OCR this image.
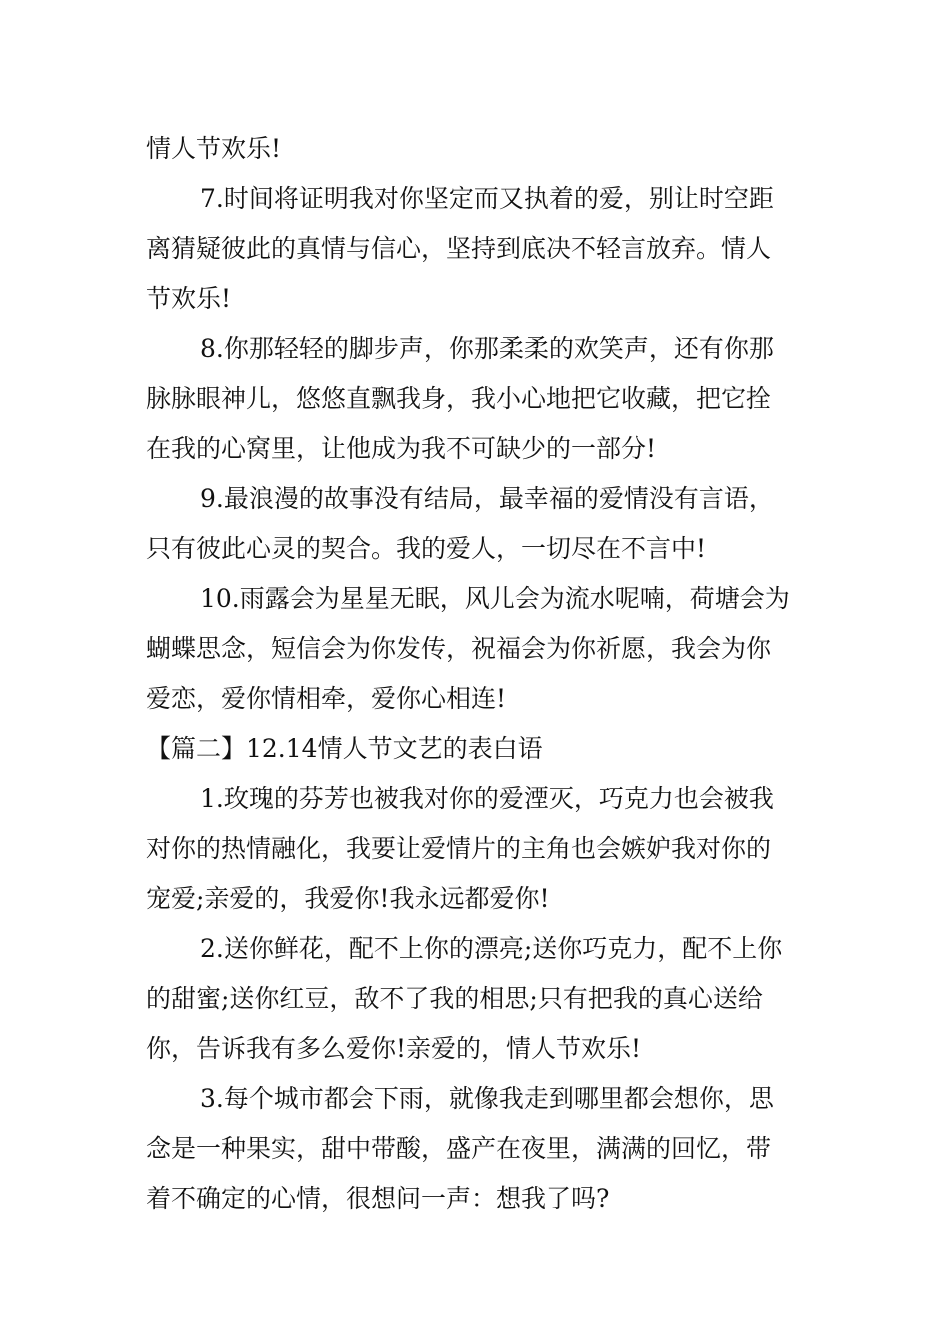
情人节欢乐!
7.时间将证明我对你坚定而又执着的爱，别让时空距
离猜疑彼此的真情与信心，坚持到底决不轻言放弃。情人
节欢乐!
8.你那轻轻的脚步声，你那柔柔的欢笑声，还有你那
脉脉眼神儿，悠悠直飘我身，我小心地把它收藏，把它拴
在我的心窝里，让他成为我不可缺少的一部分!
9.最浪漫的故事没有结局，最幸福的爱情没有言语，
只有彼此心灵的契合。我的爱人，一切尽在不言中!
10.雨露会为星星无眠，风儿会为流水呢喃，荷塘会为
蝴蝶思念，短信会为你发传，祝福会为你祈愿，我会为你
爱恋，爱你情相牵，爱你心相连!
【篇二】12.14情人节文艺的表白语
1.玫瑰的芬芳也被我对你的爱湮灭，巧克力也会被我
对你的热情融化，我要让爱情片的主角也会嫉妒我对你的
宠爱;亲爱的，我爱你!我永远都爱你!
2.送你鲜花，配不上你的漂亮;送你巧克力，配不上你
的甜蜜;送你红豆，敌不了我的相思;只有把我的真心送给
你，告诉我有多么爱你!亲爱的，情人节欢乐!
3.每个城市都会下雨，就像我走到哪里都会想你，思
念是一种果实，甜中带酸，盛产在夜里，满满的回忆，带
着不确定的心情，很想问一声：想我了吗?
